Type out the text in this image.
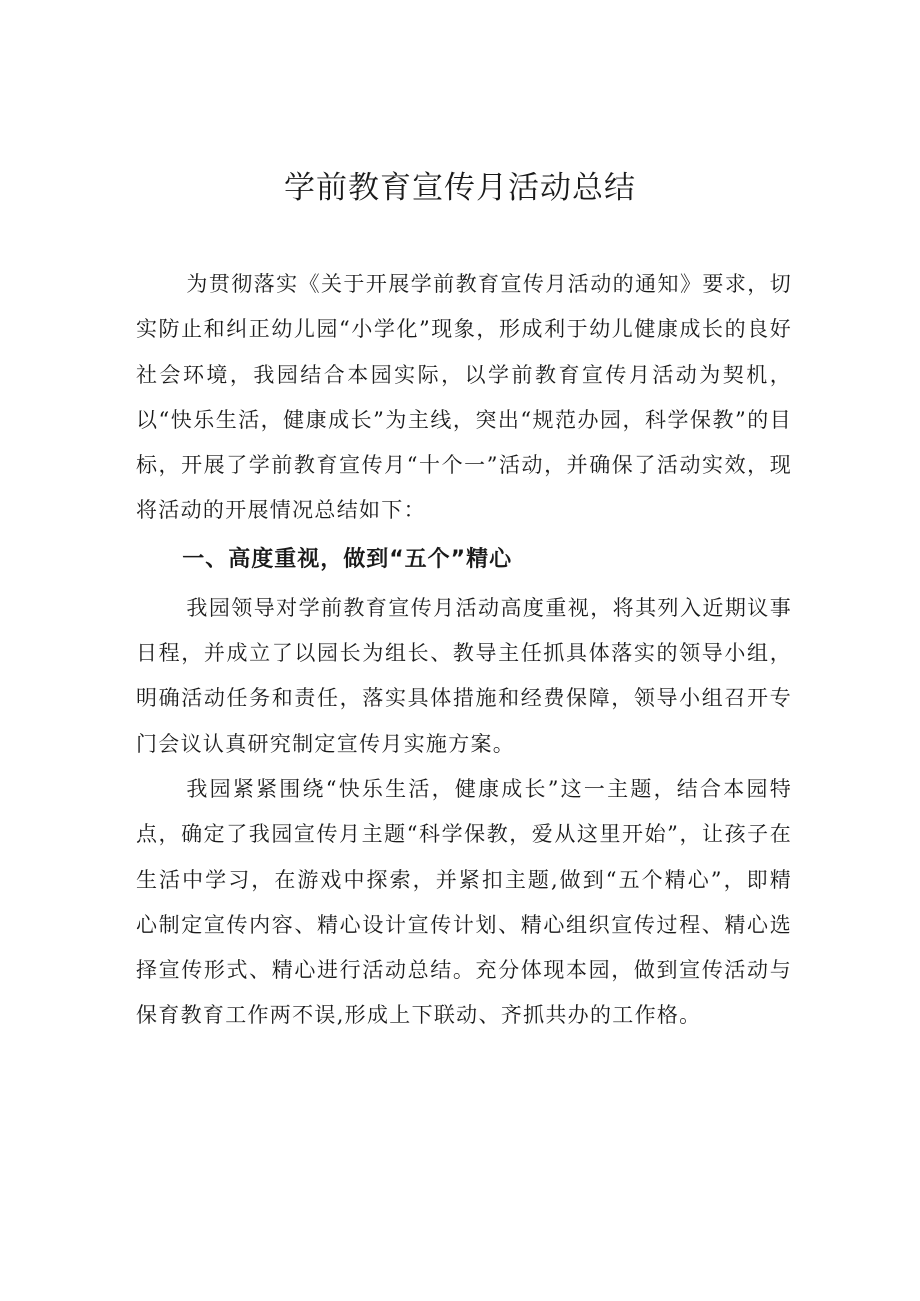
学前教育宣传月活动总结

为贯彻落实《关于开展学前教育宣传月活动的通知》要求，切实防止和纠正幼儿园“小学化”现象，形成利于幼儿健康成长的良好社会环境，我园结合本园实际，以学前教育宣传月活动为契机，以“快乐生活，健康成长”为主线，突出“规范办园，科学保教”的目标，开展了学前教育宣传月“十个一”活动，并确保了活动实效，现将活动的开展情况总结如下：

一、高度重视，做到“五个”精心

我园领导对学前教育宣传月活动高度重视，将其列入近期议事日程，并成立了以园长为组长、教导主任抓具体落实的领导小组，明确活动任务和责任，落实具体措施和经费保障，领导小组召开专门会议认真研究制定宣传月实施方案。

我园紧紧围绕“快乐生活，健康成长”这一主题，结合本园特点，确定了我园宣传月主题“科学保教，爱从这里开始”，让孩子在生活中学习，在游戏中探索，并紧扣主题,做到“五个精心”，即精心制定宣传内容、精心设计宣传计划、精心组织宣传过程、精心选择宣传形式、精心进行活动总结。充分体现本园，做到宣传活动与保育教育工作两不误,形成上下联动、齐抓共办的工作格。
